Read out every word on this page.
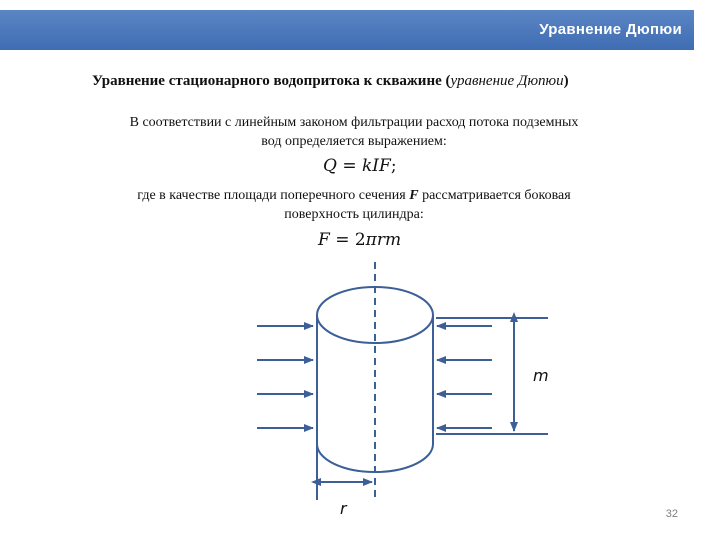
Уравнение Дюпюи
Уравнение стационарного водопритока к скважине (уравнение Дюпюи)
В соответствии с линейным законом фильтрации расход потока подземных
вод определяется выражением:
Q = kIF;
где в качестве площади поперечного сечения F рассматривается боковая
поверхность цилиндра:
F = 2πrm
m
r	32
